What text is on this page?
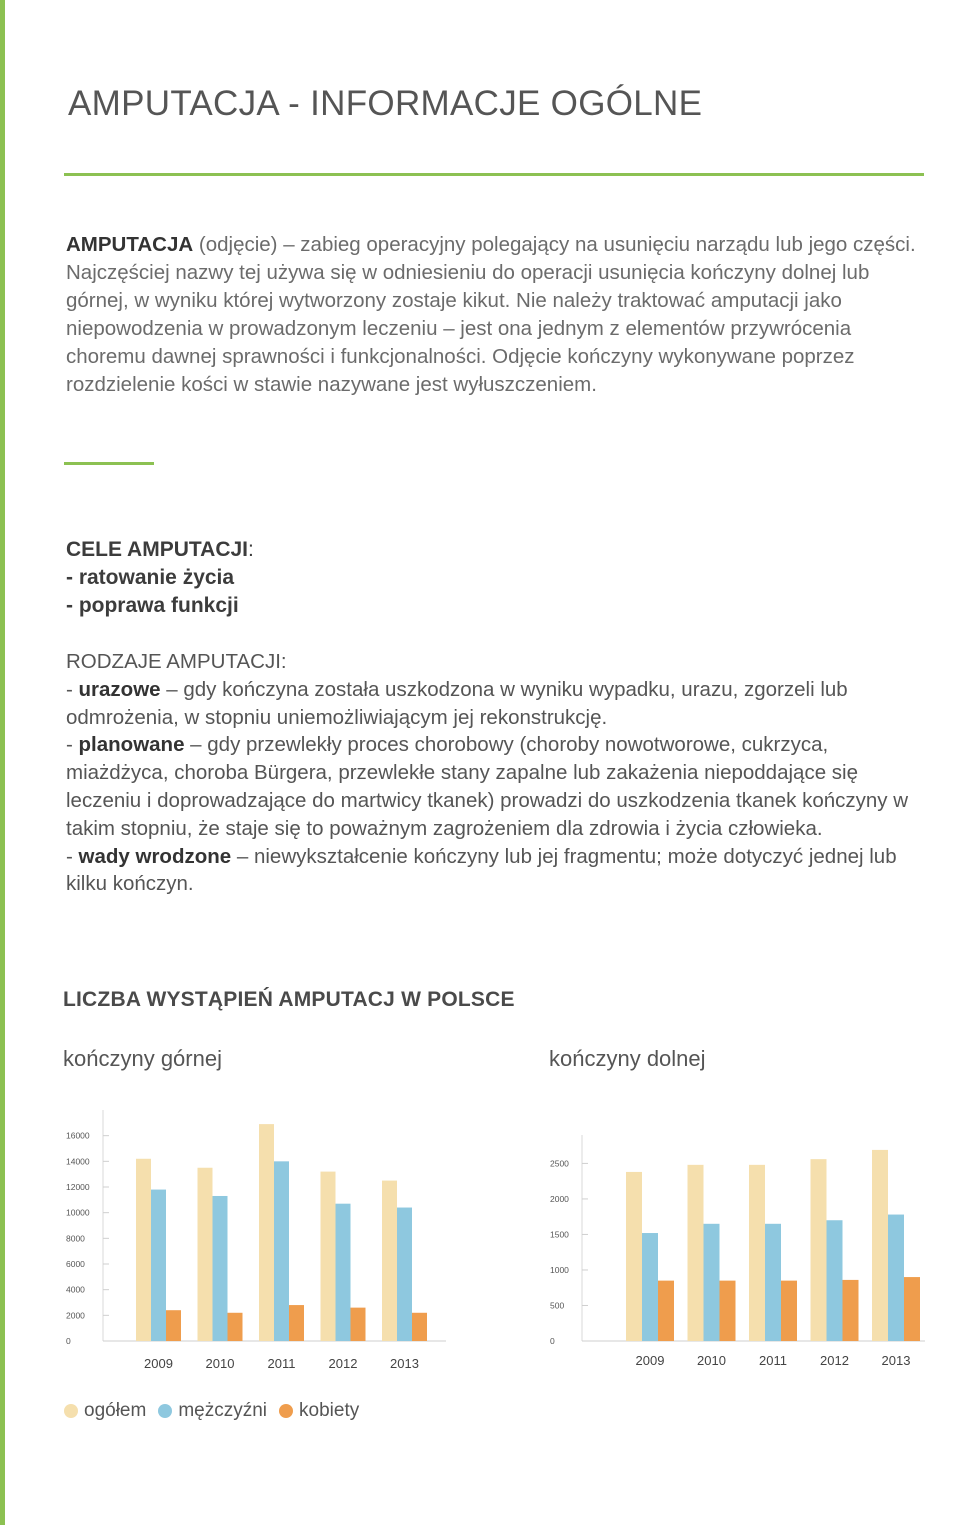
AMPUTACJA - INFORMACJE OGÓLNE

AMPUTACJA (odjęcie) – zabieg operacyjny polegający na usunięciu narządu lub jego części. Najczęściej nazwy tej używa się w odniesieniu do operacji usunięcia kończyny dolnej lub górnej, w wyniku której wytworzony zostaje kikut. Nie należy traktować amputacji jako niepowodzenia w prowadzonym leczeniu – jest ona jednym z elementów przywrócenia choremu dawnej sprawności i funkcjonalności. Odjęcie kończyny wykonywane poprzez rozdzielenie kości w stawie nazywane jest wyłuszczeniem.

CELE AMPUTACJI:
- ratowanie życia
- poprawa funkcji
RODZAJE AMPUTACJI:
- urazowe – gdy kończyna została uszkodzona w wyniku wypadku, urazu, zgorzeli lub odmrożenia, w stopniu uniemożliwiającym jej rekonstrukcję.
- planowane – gdy przewlekły proces chorobowy (choroby nowotworowe, cukrzyca, miażdżyca, choroba Bürgera, przewlekłe stany zapalne lub zakażenia niepoddające się leczeniu i doprowadzające do martwicy tkanek) prowadzi do uszkodzenia tkanek kończyny w takim stopniu, że staje się to poważnym zagrożeniem dla zdrowia i życia człowieka.
- wady wrodzone – niewykształcenie kończyny lub jej fragmentu; może dotyczyć jednej lub kilku kończyn.
LICZBA WYSTĄPIEŃ AMPUTACJ W POLSCE

kończyny górnej	kończyny dolnej

0
2000
4000
6000
8000
10000
12000
14000
16000
2009	2010	2011	2012	2013
0
500
1000
1500
2000
2500
2009	2010	2011	2012	2013
ogółem mężczyźni kobiety
